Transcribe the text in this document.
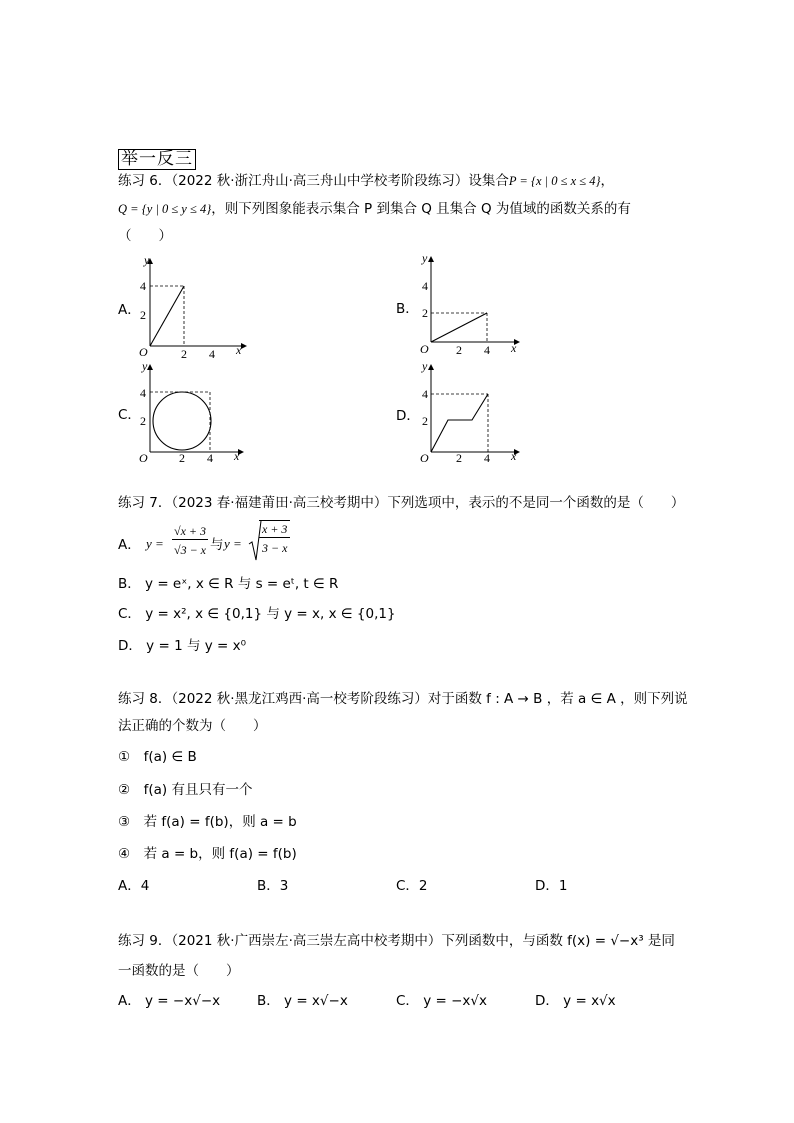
举一反三
练习 6．（2022 秋·浙江舟山·高三舟山中学校考阶段练习）设集合P = {x | 0 ≤ x ≤ 4}，
Q = {y | 0 ≤ y ≤ 4}，则下列图象能表示集合 P 到集合 Q 且集合 Q 为值域的函数关系的有
（　　）
A．	B．
C．	D．
y
x
O
4
2
2 4
y
x
O
4
2
2 4
y
x
O
4
2
2 4
y
x
O
4
2
2 4
练习 7．（2023 春·福建莆田·高三校考期中）下列选项中，表示的不是同一个函数的是（　　）
A． y =
√x + 3
√3 − x 与 y =
x + 3
3 − x
B． y = eˣ, x ∈ R 与 s = eᵗ, t ∈ R
C． y = x², x ∈ {0,1} 与 y = x, x ∈ {0,1}
D． y = 1 与 y = x⁰
练习 8．（2022 秋·黑龙江鸡西·高一校考阶段练习）对于函数 f : A → B ，若 a ∈ A ，则下列说
法正确的个数为（　　）
①　f(a) ∈ B
②　f(a) 有且只有一个
③　若 f(a) = f(b)，则 a = b
④　若 a = b，则 f(a) = f(b)
A．4	B．3	C．2	D．1
练习 9．（2021 秋·广西崇左·高三崇左高中校考期中）下列函数中，与函数 f(x) = √−x³ 是同
一函数的是（　　）
A． y = −x√−x	B． y = x√−x	C． y = −x√x	D． y = x√x
